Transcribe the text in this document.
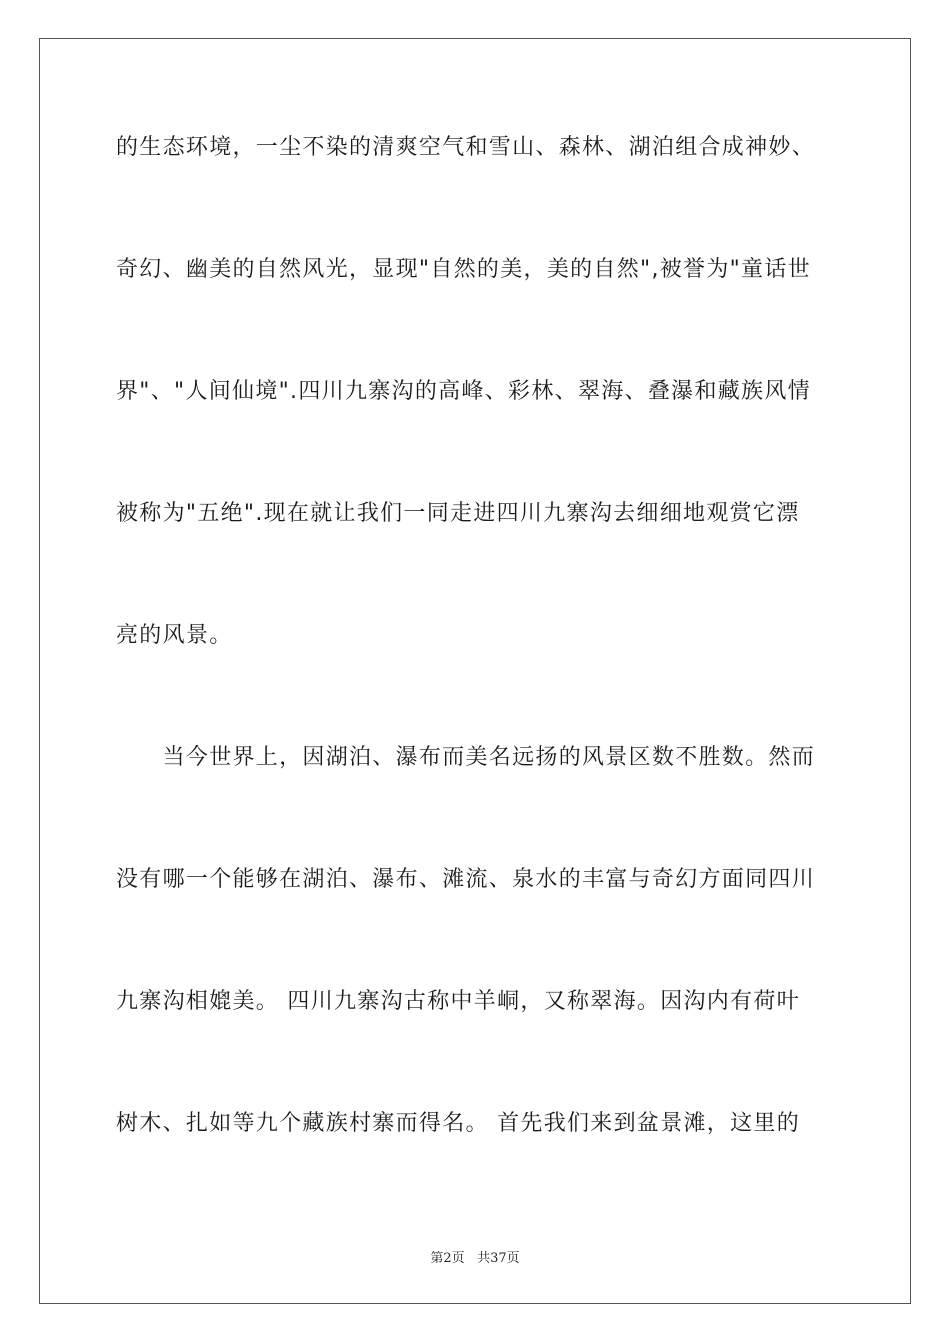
的生态环境，一尘不染的清爽空气和雪山、森林、湖泊组合成神妙、
奇幻、幽美的自然风光，显现"自然的美，美的自然",被誉为"童话世
界"、"人间仙境".四川九寨沟的高峰、彩林、翠海、叠瀑和藏族风情
被称为"五绝".现在就让我们一同走进四川九寨沟去细细地观赏它漂
亮的风景。
　　当今世界上，因湖泊、瀑布而美名远扬的风景区数不胜数。然而
没有哪一个能够在湖泊、瀑布、滩流、泉水的丰富与奇幻方面同四川
九寨沟相媲美。 四川九寨沟古称中羊峒，又称翠海。因沟内有荷叶
树木、扎如等九个藏族村寨而得名。 首先我们来到盆景滩，这里的
第2页 共37页
